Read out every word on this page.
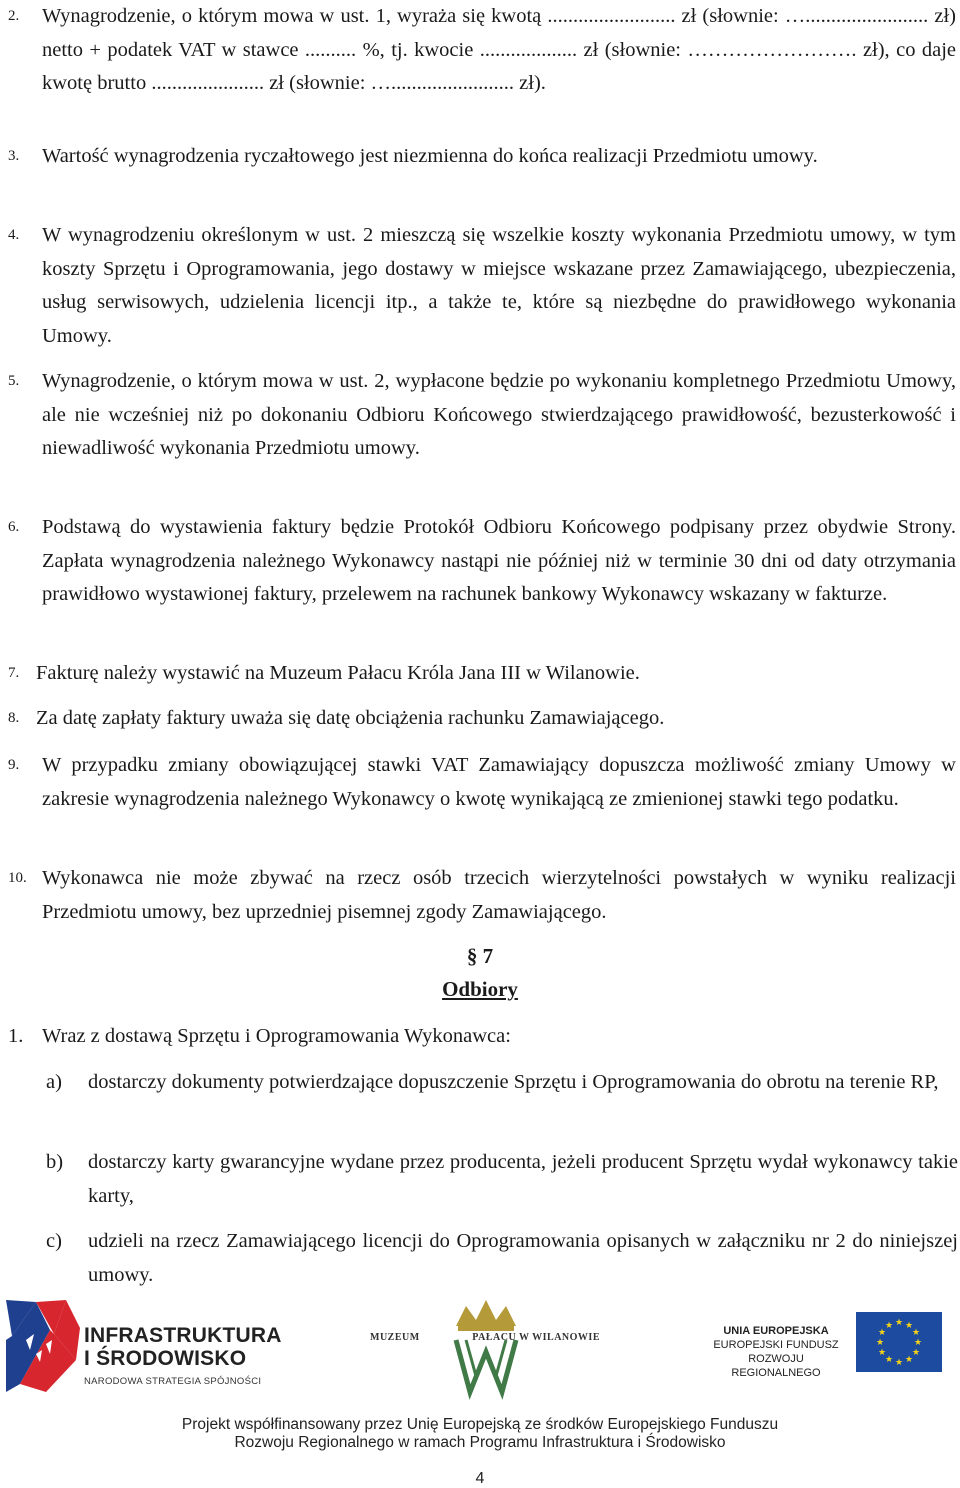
2. Wynagrodzenie, o którym mowa w ust. 1, wyraża się kwotą ......................... zł (słownie: …........................ zł) netto + podatek VAT w stawce .......... %, tj. kwocie ................... zł (słownie: ……………………. zł), co daje kwotę brutto ...................... zł (słownie: …........................ zł).
3. Wartość wynagrodzenia ryczałtowego jest niezmienna do końca realizacji Przedmiotu umowy.
4. W wynagrodzeniu określonym w ust. 2 mieszczą się wszelkie koszty wykonania Przedmiotu umowy, w tym koszty Sprzętu i Oprogramowania, jego dostawy w miejsce wskazane przez Zamawiającego, ubezpieczenia, usług serwisowych, udzielenia licencji itp., a także te, które są niezbędne do prawidłowego wykonania Umowy.
5. Wynagrodzenie, o którym mowa w ust. 2, wypłacone będzie po wykonaniu kompletnego Przedmiotu Umowy, ale nie wcześniej niż po dokonaniu Odbioru Końcowego stwierdzającego prawidłowość, bezusterkowość i niewadliwość wykonania Przedmiotu umowy.
6. Podstawą do wystawienia faktury będzie Protokół Odbioru Końcowego podpisany przez obydwie Strony. Zapłata wynagrodzenia należnego Wykonawcy nastąpi nie później niż w terminie 30 dni od daty otrzymania prawidłowo wystawionej faktury, przelewem na rachunek bankowy Wykonawcy wskazany w fakturze.
7. Fakturę należy wystawić na Muzeum Pałacu Króla Jana III w Wilanowie.
8. Za datę zapłaty faktury uważa się datę obciążenia rachunku Zamawiającego.
9. W przypadku zmiany obowiązującej stawki VAT Zamawiający dopuszcza możliwość zmiany Umowy w zakresie wynagrodzenia należnego Wykonawcy o kwotę wynikającą ze zmienionej stawki tego podatku.
10. Wykonawca nie może zbywać na rzecz osób trzecich wierzytelności powstałych w wyniku realizacji Przedmiotu umowy, bez uprzedniej pisemnej zgody Zamawiającego.
§ 7
Odbiory
1. Wraz z dostawą Sprzętu i Oprogramowania Wykonawca:
a) dostarczy dokumenty potwierdzające dopuszczenie Sprzętu i Oprogramowania do obrotu na terenie RP,
b) dostarczy karty gwarancyjne wydane przez producenta, jeżeli producent Sprzętu wydał wykonawcy takie karty,
c) udzieli na rzecz Zamawiającego licencji do Oprogramowania opisanych w załączniku nr 2 do niniejszej umowy.
INFRASTRUKTURA
I ŚRODOWISKO
NARODOWA STRATEGIA SPÓJNOŚCI
MUZEUM	PAŁACU W WILANOWIE
UNIA EUROPEJSKA
EUROPEJSKI FUNDUSZ
ROZWOJU REGIONALNEGO
★ ★
★
★
★
★
★
★
★
★
★
★
Projekt współfinansowany przez Unię Europejską ze środków Europejskiego Funduszu
Rozwoju Regionalnego w ramach Programu Infrastruktura i Środowisko
4
